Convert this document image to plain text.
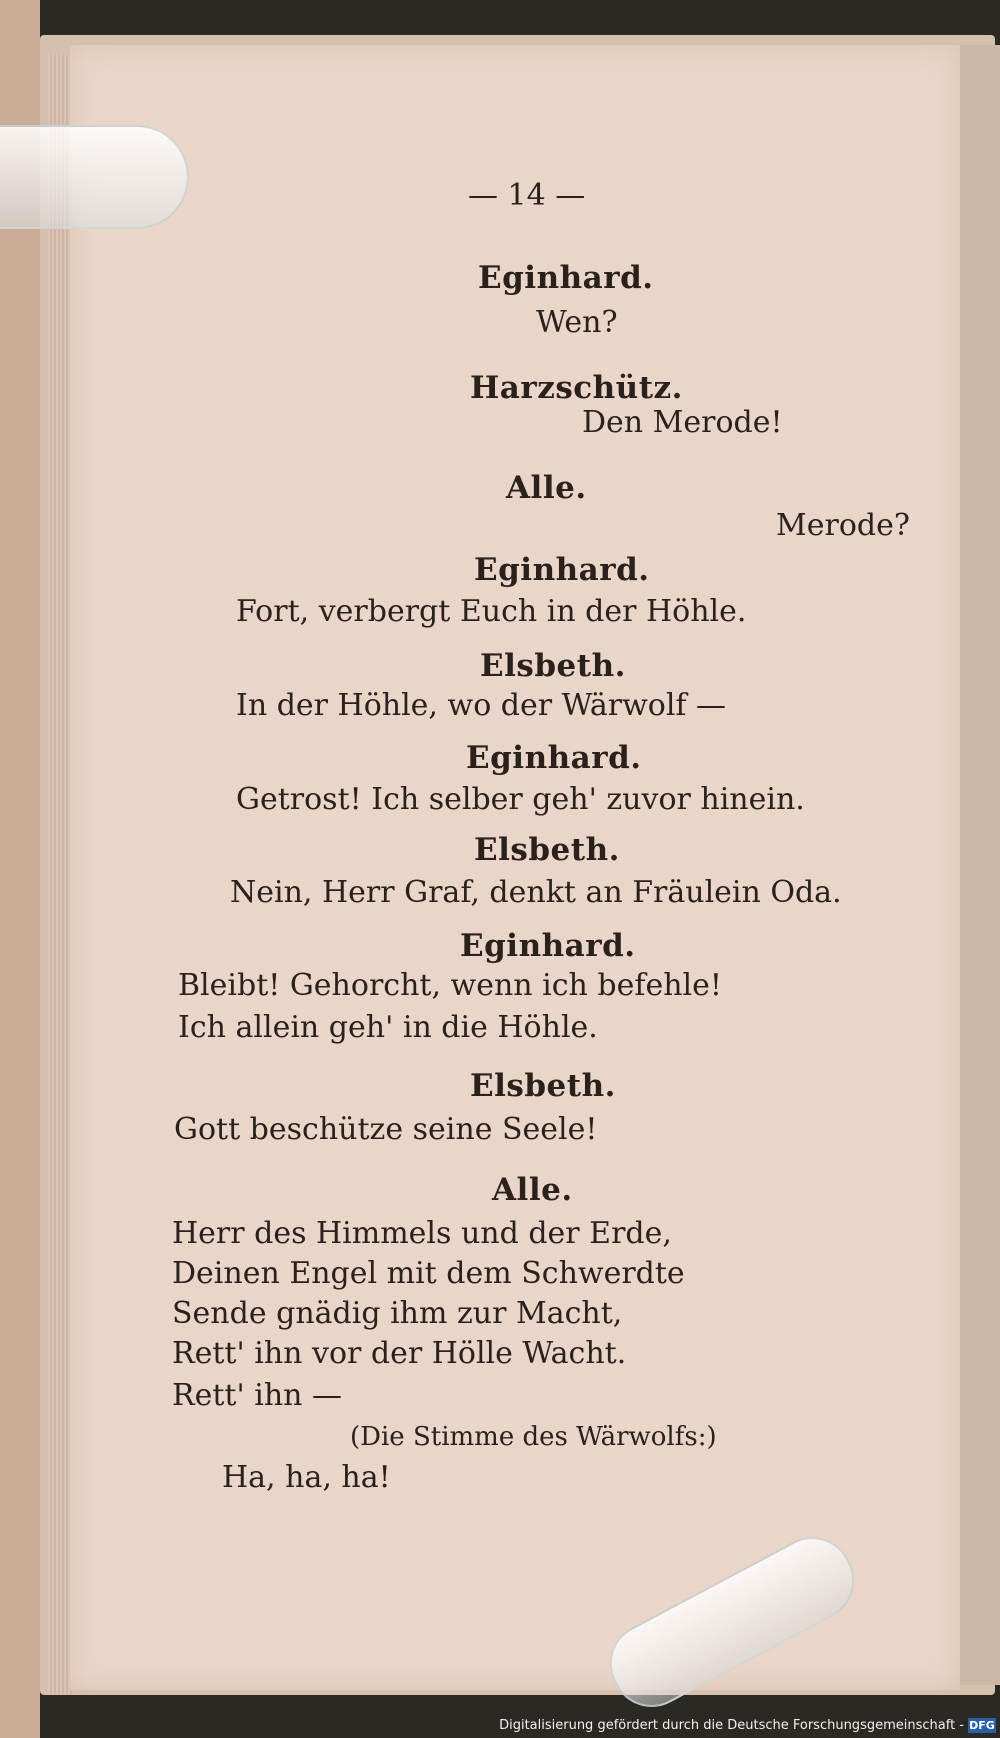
— 14 —
Eginhard.
Wen?
Harzschütz.
Den Merode!
Alle.
Merode?
Eginhard.
Fort, verbergt Euch in der Höhle.
Elsbeth.
In der Höhle, wo der Wärwolf —
Eginhard.
Getrost! Ich selber geh' zuvor hinein.
Elsbeth.
Nein, Herr Graf, denkt an Fräulein Oda.
Eginhard.
Bleibt! Gehorcht, wenn ich befehle!
Ich allein geh' in die Höhle.
Elsbeth.
Gott beschütze seine Seele!
Alle.
Herr des Himmels und der Erde,
Deinen Engel mit dem Schwerdte
Sende gnädig ihm zur Macht,
Rett' ihn vor der Hölle Wacht.
Rett' ihn —
(Die Stimme des Wärwolfs:)
Ha, ha, ha!
Digitalisierung gefördert durch die Deutsche Forschungsgemeinschaft - DFG
